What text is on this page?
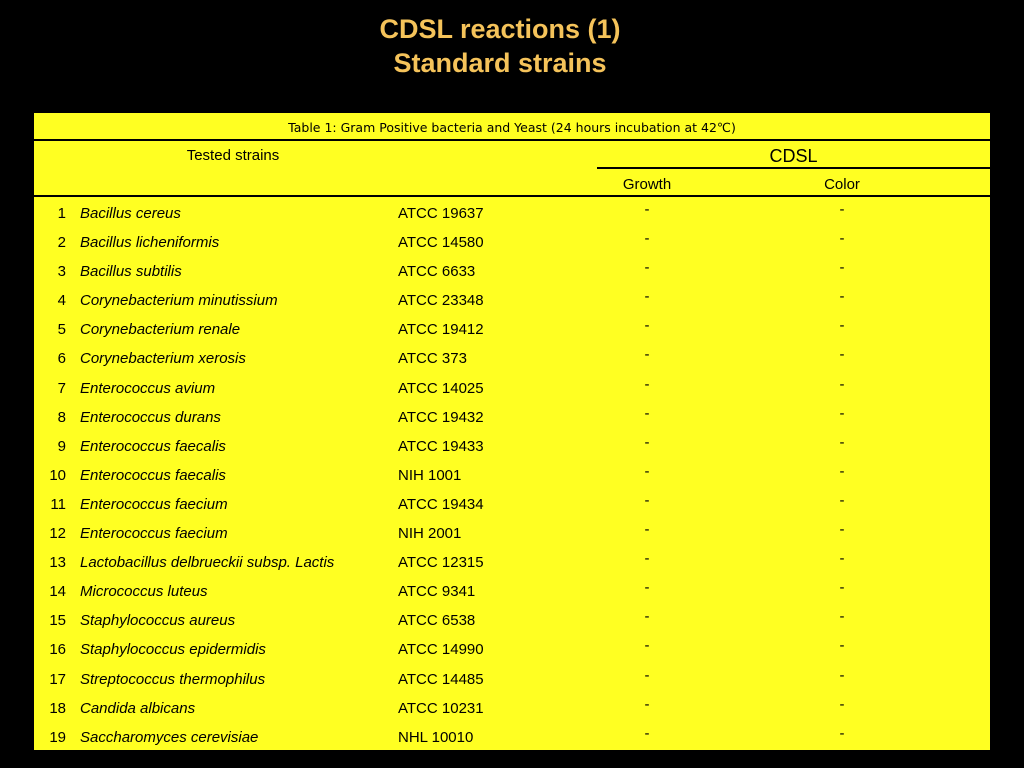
CDSL reactions (1)
Standard strains
Table 1: Gram Positive bacteria and Yeast (24 hours incubation at 42℃)
Tested strains	CDSL
Growth	Color
1 Bacillus cereus	ATCC 19637	-	-
2 Bacillus licheniformis	ATCC 14580	-	-
3 Bacillus subtilis	ATCC 6633	-	-
4 Corynebacterium minutissium	ATCC 23348	-	-
5 Corynebacterium renale	ATCC 19412	-	-
6 Corynebacterium xerosis	ATCC 373	-	-
7 Enterococcus avium	ATCC 14025	-	-
8 Enterococcus durans	ATCC 19432	-	-
9 Enterococcus faecalis	ATCC 19433	-	-
10 Enterococcus faecalis	NIH 1001	-	-
11 Enterococcus faecium	ATCC 19434	-	-
12 Enterococcus faecium	NIH 2001	-	-
13 Lactobacillus delbrueckii subsp. Lactis	ATCC 12315	-	-
14 Micrococcus luteus	ATCC 9341	-	-
15 Staphylococcus aureus	ATCC 6538	-	-
16 Staphylococcus epidermidis	ATCC 14990	-	-
17 Streptococcus thermophilus	ATCC 14485	-	-
18 Candida albicans	ATCC 10231	-	-
19 Saccharomyces cerevisiae	NHL 10010	-	-
